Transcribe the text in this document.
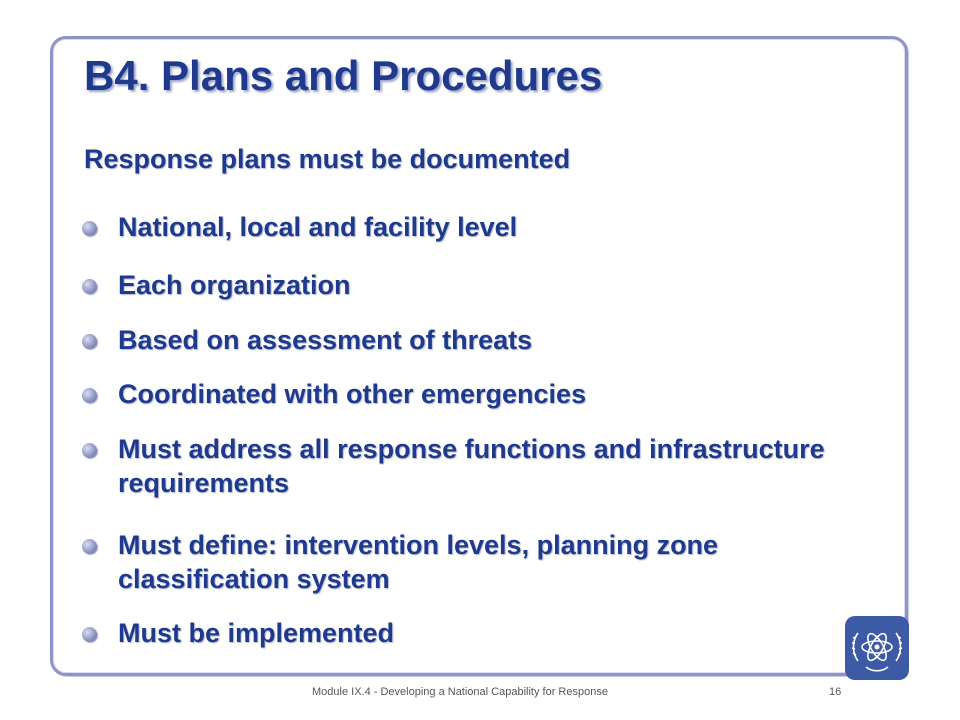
B4. Plans and Procedures
Response plans must be documented
National, local and facility level
Each organization
Based on assessment of threats
Coordinated with other emergencies
Must address all response functions and infrastructure requirements
Must define: intervention levels, planning zone classification system
Must be implemented
Module IX.4 - Developing a National Capability for Response	16
